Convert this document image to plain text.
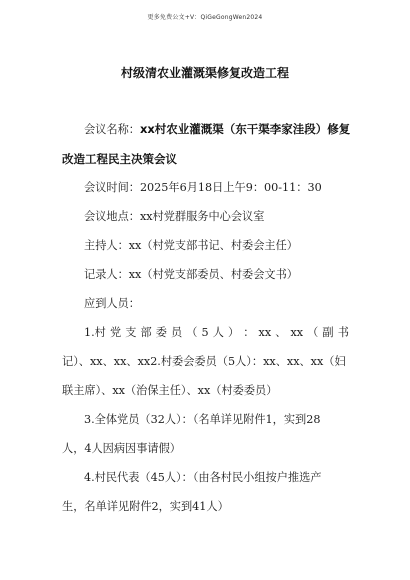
更多免费公文+V：QiGeGongWen2024
村级清农业灌溉渠修复改造工程
会议名称：xx村农业灌溉渠（东干渠李家洼段）修复
改造工程民主决策会议
会议时间：2025年6月18日上午9：00-11：30
会议地点：xx村党群服务中心会议室
主持人：xx（村党支部书记、村委会主任）
记录人：xx（村党支部委员、村委会文书）
应到人员：
1.村 党 支 部 委 员 （ 5 人 ） ： xx 、 xx （ 副 书
记）、xx、xx、xx2.村委会委员（5人）：xx、xx、xx（妇
联主席）、xx（治保主任）、xx（村委委员）
3.全体党员（32人）：（名单详见附件1，实到28
人，4人因病因事请假）
4.村民代表（45人）：（由各村民小组按户推选产
生，名单详见附件2，实到41人）
